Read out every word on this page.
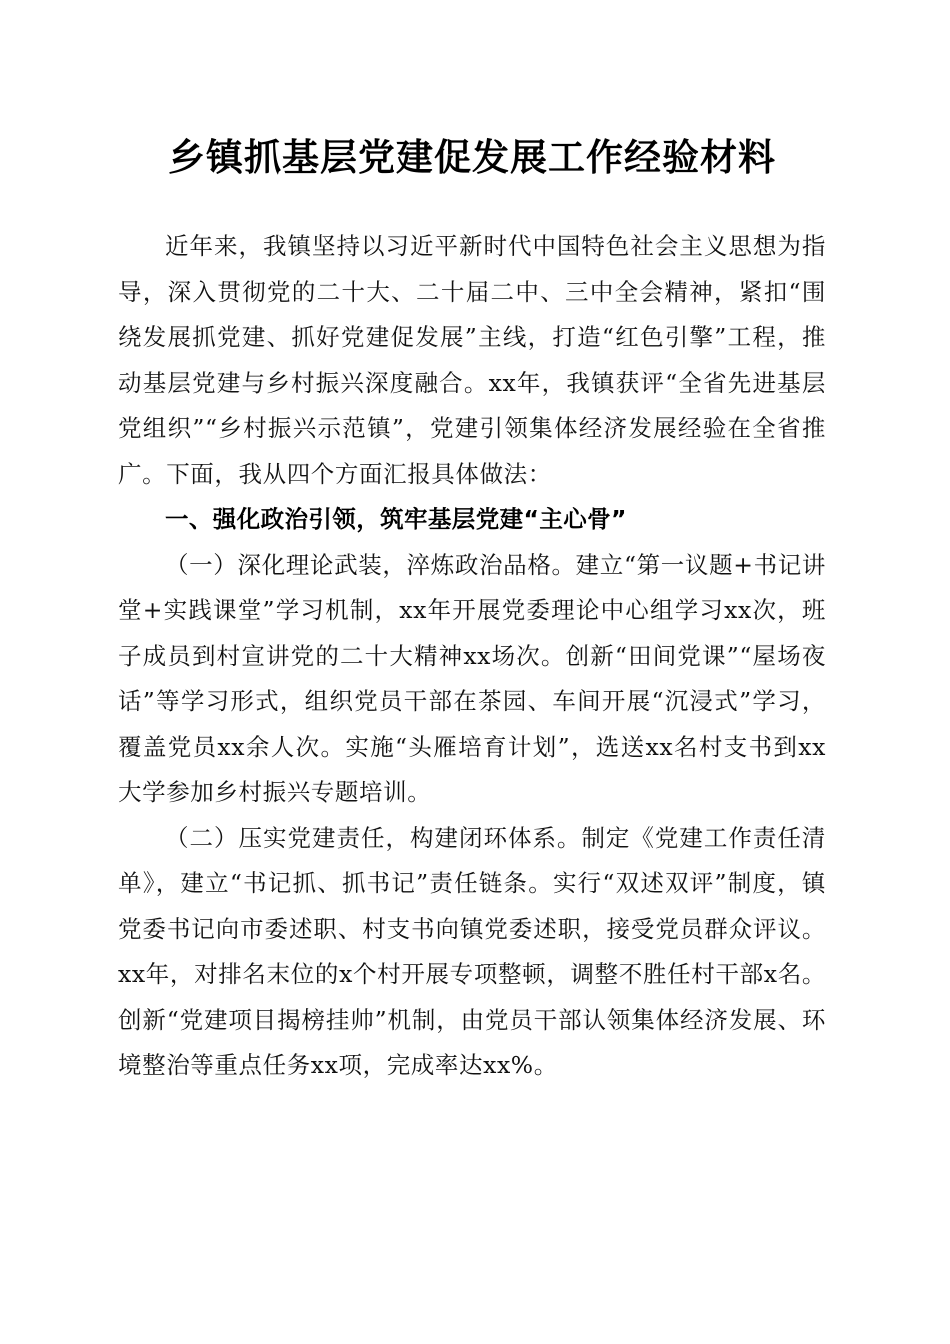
乡镇抓基层党建促发展工作经验材料

近年来，我镇坚持以习近平新时代中国特色社会主义思想为指导，深入贯彻党的二十大、二十届二中、三中全会精神，紧扣“围绕发展抓党建、抓好党建促发展”主线，打造“红色引擎”工程，推动基层党建与乡村振兴深度融合。xx年，我镇获评“全省先进基层党组织”“乡村振兴示范镇”，党建引领集体经济发展经验在全省推广。下面，我从四个方面汇报具体做法：

一、强化政治引领，筑牢基层党建“主心骨”

（一）深化理论武装，淬炼政治品格。建立“第一议题+书记讲堂+实践课堂”学习机制，xx年开展党委理论中心组学习xx次，班子成员到村宣讲党的二十大精神xx场次。创新“田间党课”“屋场夜话”等学习形式，组织党员干部在茶园、车间开展“沉浸式”学习，覆盖党员xx余人次。实施“头雁培育计划”，选送xx名村支书到xx大学参加乡村振兴专题培训。

（二）压实党建责任，构建闭环体系。制定《党建工作责任清单》，建立“书记抓、抓书记”责任链条。实行“双述双评”制度，镇党委书记向市委述职、村支书向镇党委述职，接受党员群众评议。xx年，对排名末位的x个村开展专项整顿，调整不胜任村干部x名。创新“党建项目揭榜挂帅”机制，由党员干部认领集体经济发展、环境整治等重点任务xx项，完成率达xx%。
